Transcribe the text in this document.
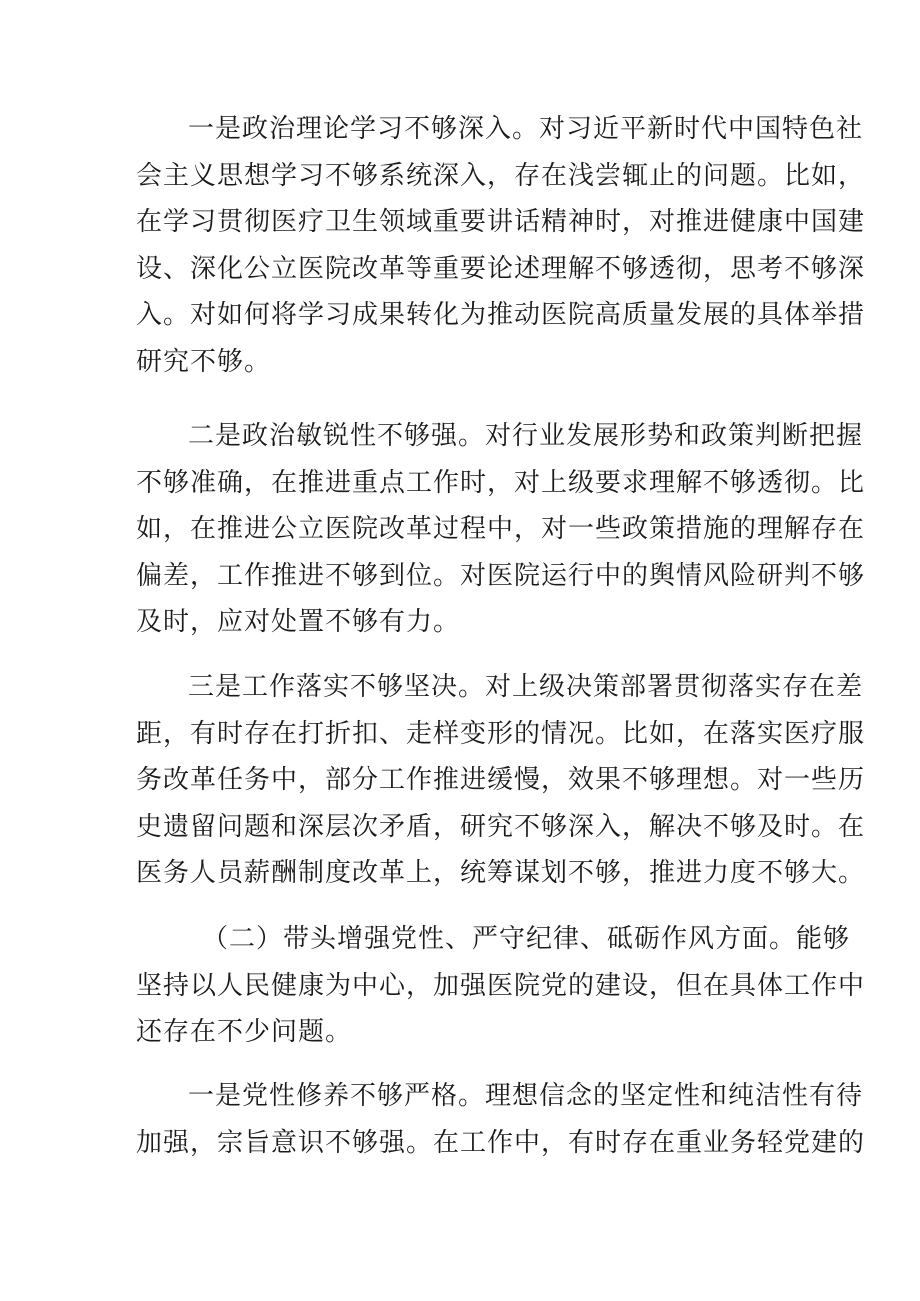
一是政治理论学习不够深入。对习近平新时代中国特色社
会主义思想学习不够系统深入，存在浅尝辄止的问题。比如，
在学习贯彻医疗卫生领域重要讲话精神时，对推进健康中国建
设、深化公立医院改革等重要论述理解不够透彻，思考不够深
入。对如何将学习成果转化为推动医院高质量发展的具体举措
研究不够。
二是政治敏锐性不够强。对行业发展形势和政策判断把握
不够准确，在推进重点工作时，对上级要求理解不够透彻。比
如，在推进公立医院改革过程中，对一些政策措施的理解存在
偏差，工作推进不够到位。对医院运行中的舆情风险研判不够
及时，应对处置不够有力。
三是工作落实不够坚决。对上级决策部署贯彻落实存在差
距，有时存在打折扣、走样变形的情况。比如，在落实医疗服
务改革任务中，部分工作推进缓慢，效果不够理想。对一些历
史遗留问题和深层次矛盾，研究不够深入，解决不够及时。在
医务人员薪酬制度改革上，统筹谋划不够，推进力度不够大。
（二）带头增强党性、严守纪律、砥砺作风方面。能够
坚持以人民健康为中心，加强医院党的建设，但在具体工作中
还存在不少问题。
一是党性修养不够严格。理想信念的坚定性和纯洁性有待
加强，宗旨意识不够强。在工作中，有时存在重业务轻党建的
